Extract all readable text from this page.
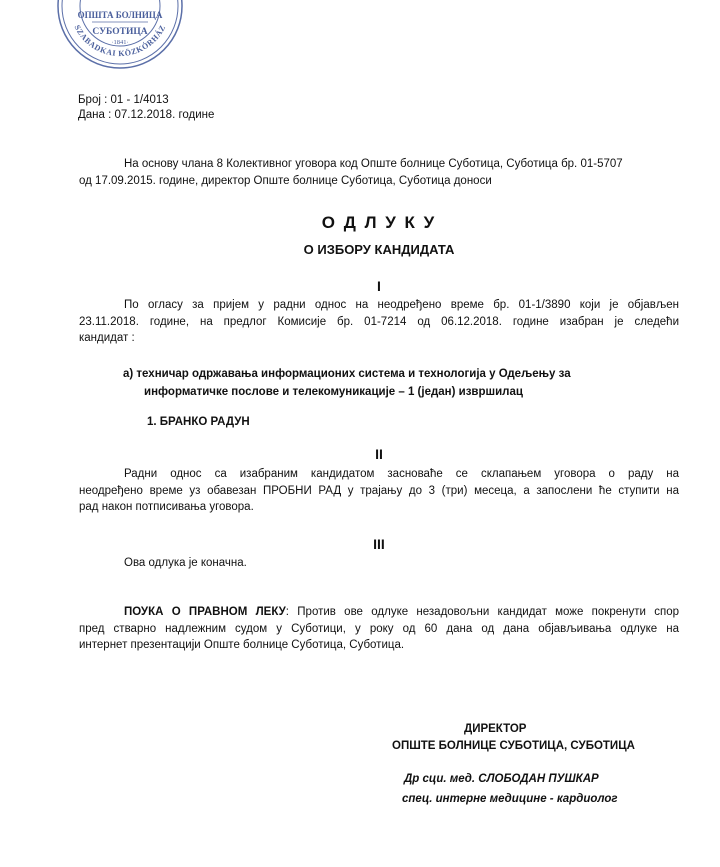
SZABADKAI KÖZKÓRHÁZ
ОПШТА БОЛНИЦА
СУБОТИЦА
·1841·
Број : 01 - 1/4013
Дана : 07.12.2018. године
На основу члана 8 Колективног уговора код Опште болнице Суботица, Суботица бр. 01-5707
од 17.09.2015. године, директор Опште болнице Суботица, Суботица доноси
О Д Л У К У
О ИЗБОРУ КАНДИДАТА
I
По огласу за пријем у радни однос на неодређено време бр. 01-1/3890 који је објављен
23.11.2018. године, на предлог Комисије бр. 01-7214 од 06.12.2018. године изабран је следећи
кандидат :
а) техничар одржавања информационих система и технологија у Одељењу за
информатичке послове и телекомуникације – 1 (један) извршилац
1. БРАНКО РАДУН
II
Радни однос са изабраним кандидатом засноваће се склапањем уговора о раду на
неодређено време уз обавезан ПРОБНИ РАД у трајању до 3 (три) месеца, а запослени ће ступити на
рад након потписивања уговора.
III
Ова одлука је коначна.
ПОУКА О ПРАВНОМ ЛЕКУ: Против ове одлуке незадовољни кандидат може покренути спор
пред стварно надлежним судом у Суботици, у року од 60 дана од дана објављивања одлуке на
интернет презентацији Опште болнице Суботица, Суботица.
ДИРЕКТОР
ОПШТЕ БОЛНИЦЕ СУБОТИЦА, СУБОТИЦА
Др сци. мед. СЛОБОДАН ПУШКАР
спец. интерне медицине - кардиолог
